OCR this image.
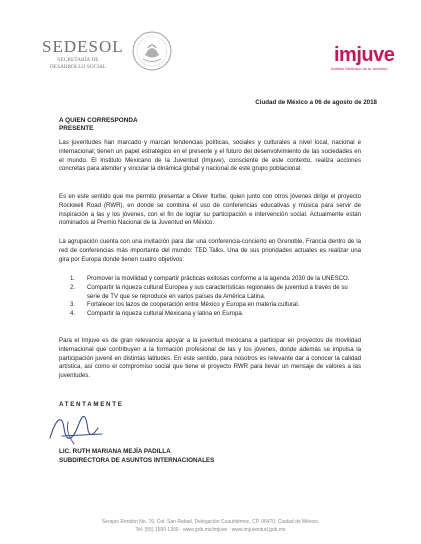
SEDESOL
SECRETARÍA DE DESARROLLO SOCIAL
imjuve
Instituto Mexicano de la Juventud
Ciudad de México a 06 de agosto de 2018
A QUIEN CORRESPONDA
PRESENTE
Las juventudes han marcado y marcan tendencias políticas, sociales y culturales a nivel local, nacional e internacional; tienen un papel estratégico en el presente y el futuro del desenvolvimiento de las sociedades en el mundo. El Instituto Mexicano de la Juventud (Imjuve), consciente de este contexto, realiza acciones concretas para atender y vincular la dinámica global y nacional de este grupo poblacional.
Es en este sentido que me permito presentar a Oliver Iturbe, quien junto con otros jóvenes dirige el proyecto Rockwell Road (RWR), en donde se combina el uso de conferencias educativas y música para servir de inspiración a las y los jóvenes, con el fin de lograr su participación e intervención social. Actualmente están nominados al Premio Nacional de la Juventud en México.
La agrupación cuenta con una invitación para dar una conferencia-concierto en Grenoble, Francia dentro de la red de conferencias más importante del mundo: TED Talks. Una de sus prioridades actuales es realizar una gira por Europa donde tienen cuatro objetivos:
1. Promover la movilidad y compartir prácticas exitosas conforme a la agenda 2030 de la UNESCO.
2. Compartir la riqueza cultural Europea y sus características regionales de juventud a través de su serie de TV que se reproduce en varios países de América Latina.
3. Fortalecer los lazos de cooperación entre México y Europa en materia cultural.
4. Compartir la riqueza cultural Mexicana y latina en Europa.
Para el Imjuve es de gran relevancia apoyar a la juventud mexicana a participar en proyectos de movilidad internacional que contribuyen a la formación profesional de las y los jóvenes, donde además se impulsa la participación juvenil en distintas latitudes. En este sentido, para nosotros es relevante dar a conocer la calidad artística, así como el compromiso social que tiene el proyecto RWR para llevar un mensaje de valores a las juventudes.
ATENTAMENTE
LIC. RUTH MARIANA MEJÍA PADILLA
SUBDIRECTORA DE ASUNTOS INTERNACIONALES
Serapio Rendón No. 76, Col. San Rafael, Delegación Cuauhtémoc, CP. 06470, Ciudad de México.
Tel. (55) 1500 1300 · www.gob.mx/imjuve · www.imjuventud.gob.mx
